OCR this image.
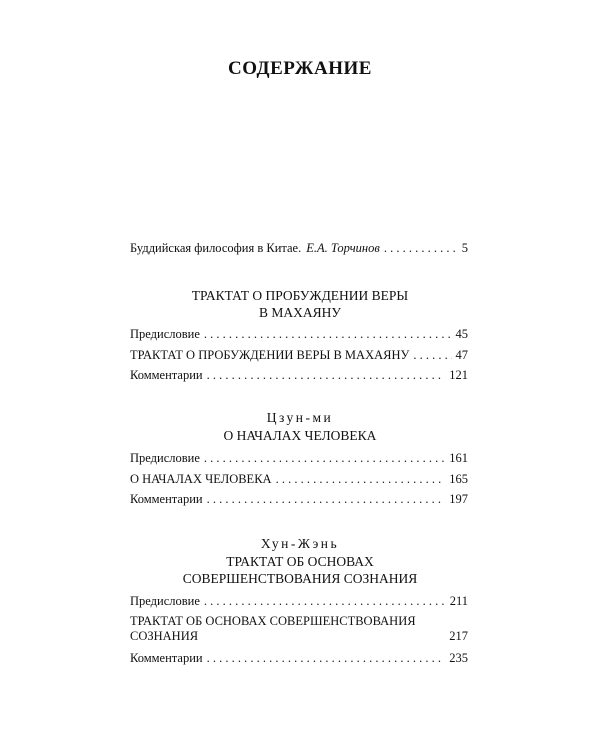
СОДЕРЖАНИЕ
Буддийская философия в Китае. Е.А. Торчинов . . .	5
ТРАКТАТ О ПРОБУЖДЕНИИ ВЕРЫ
В МАХАЯНУ
Предисловие . . .	45
ТРАКТАТ О ПРОБУЖДЕНИИ ВЕРЫ В МАХАЯНУ . . .	47
Комментарии . . .	121
Цзун-ми
О НАЧАЛАХ ЧЕЛОВЕКА
Предисловие . . .	161
О НАЧАЛАХ ЧЕЛОВЕКА . . .	165
Комментарии . . .	197
Хун-Жэнь
ТРАКТАТ ОБ ОСНОВАХ
СОВЕРШЕНСТВОВАНИЯ СОЗНАНИЯ
Предисловие . . .	211
ТРАКТАТ ОБ ОСНОВАХ СОВЕРШЕНСТВОВАНИЯ
СОЗНАНИЯ	217
Комментарии . . .	235
